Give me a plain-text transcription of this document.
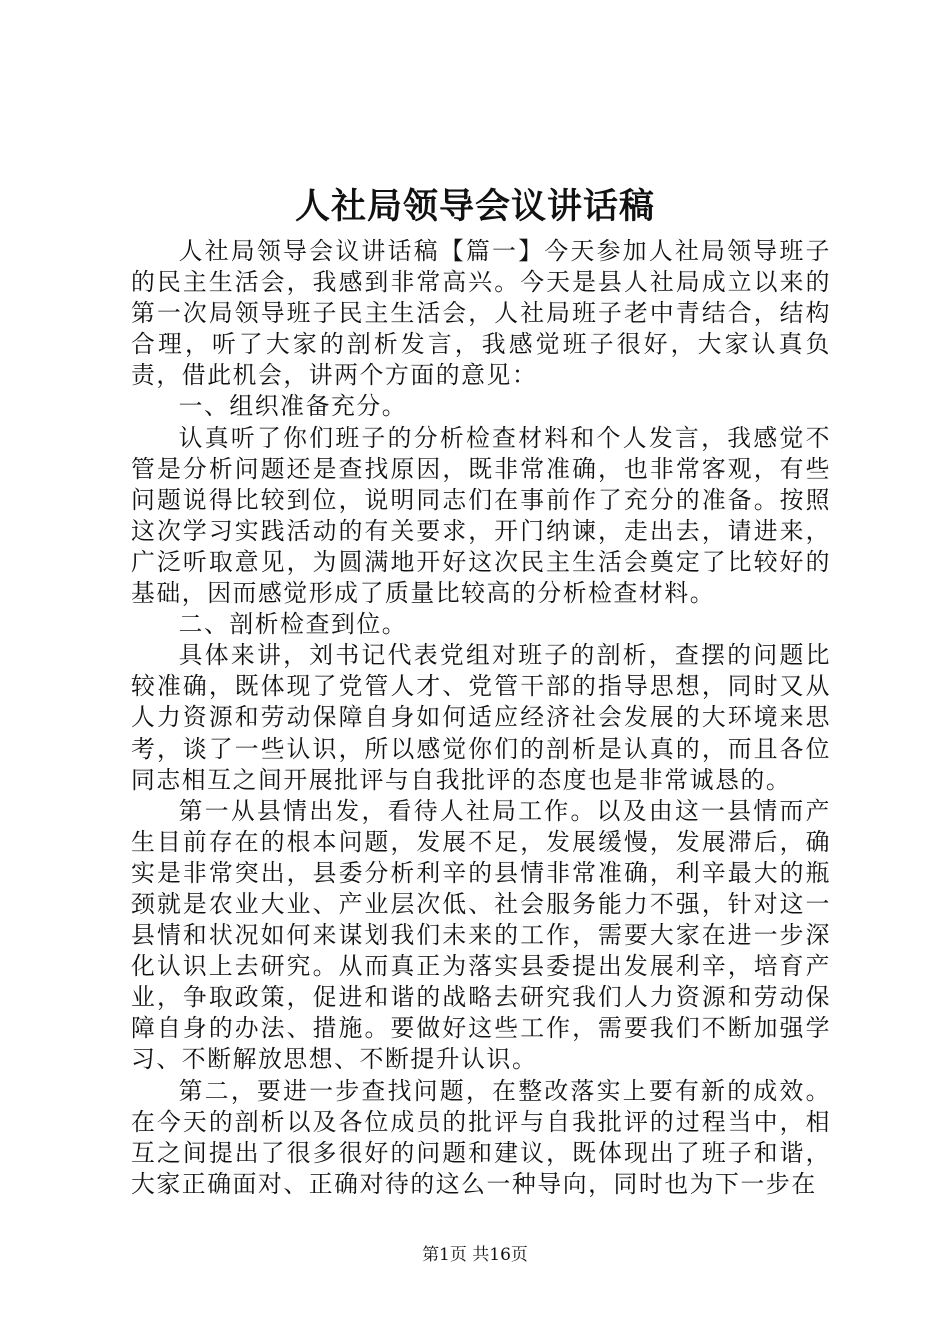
人社局领导会议讲话稿

人社局领导会议讲话稿【篇一】今天参加人社局领导班子的民主生活会，我感到非常高兴。今天是县人社局成立以来的第一次局领导班子民主生活会，人社局班子老中青结合，结构合理，听了大家的剖析发言，我感觉班子很好，大家认真负责，借此机会，讲两个方面的意见：

一、组织准备充分。

认真听了你们班子的分析检查材料和个人发言，我感觉不管是分析问题还是查找原因，既非常准确，也非常客观，有些问题说得比较到位，说明同志们在事前作了充分的准备。按照这次学习实践活动的有关要求，开门纳谏，走出去，请进来，广泛听取意见，为圆满地开好这次民主生活会奠定了比较好的基础，因而感觉形成了质量比较高的分析检查材料。

二、剖析检查到位。

具体来讲，刘书记代表党组对班子的剖析，查摆的问题比较准确，既体现了党管人才、党管干部的指导思想，同时又从人力资源和劳动保障自身如何适应经济社会发展的大环境来思考，谈了一些认识，所以感觉你们的剖析是认真的，而且各位同志相互之间开展批评与自我批评的态度也是非常诚恳的。

第一从县情出发，看待人社局工作。以及由这一县情而产生目前存在的根本问题，发展不足，发展缓慢，发展滞后，确实是非常突出，县委分析利辛的县情非常准确，利辛最大的瓶颈就是农业大业、产业层次低、社会服务能力不强，针对这一县情和状况如何来谋划我们未来的工作，需要大家在进一步深化认识上去研究。从而真正为落实县委提出发展利辛，培育产业，争取政策，促进和谐的战略去研究我们人力资源和劳动保障自身的办法、措施。要做好这些工作，需要我们不断加强学习、不断解放思想、不断提升认识。

第二，要进一步查找问题，在整改落实上要有新的成效。在今天的剖析以及各位成员的批评与自我批评的过程当中，相互之间提出了很多很好的问题和建议，既体现出了班子和谐，大家正确面对、正确对待的这么一种导向，同时也为下一步在

第1页 共16页
